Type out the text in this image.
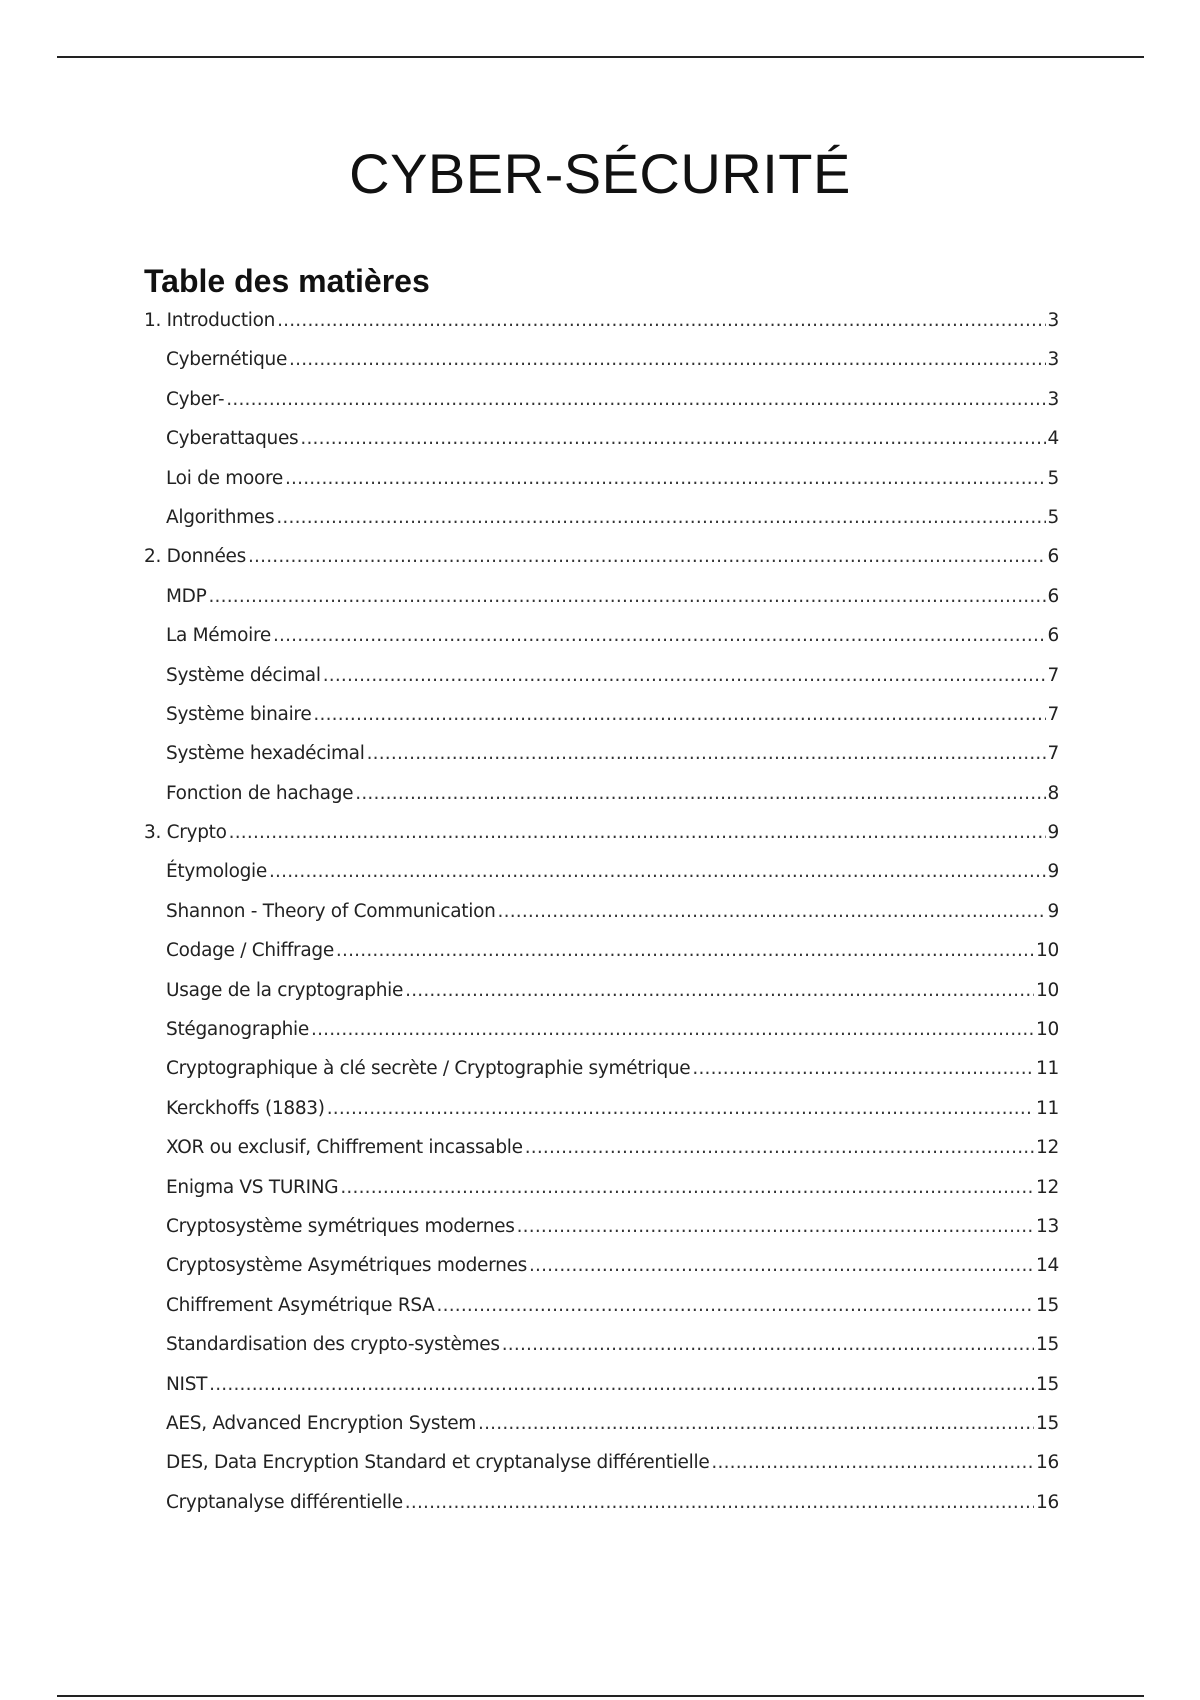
CYBER-SÉCURITÉ
Table des matières
1. Introduction .....	3
Cybernétique .....	3
Cyber- .....	3
Cyberattaques .....	4
Loi de moore .....	5
Algorithmes .....	5
2. Données .....	6
MDP .....	6
La Mémoire .....	6
Système décimal .....	7
Système binaire .....	7
Système hexadécimal .....	7
Fonction de hachage .....	8
3. Crypto .....	9
Étymologie .....	9
Shannon - Theory of Communication .....	9
Codage / Chiffrage .....	10
Usage de la cryptographie .....	10
Stéganographie .....	10
Cryptographique à clé secrète / Cryptographie symétrique .....	11
Kerckhoffs (1883) .....	11
XOR ou exclusif, Chiffrement incassable .....	12
Enigma VS TURING .....	12
Cryptosystème symétriques modernes .....	13
Cryptosystème Asymétriques modernes .....	14
Chiffrement Asymétrique RSA .....	15
Standardisation des crypto-systèmes .....	15
NIST .....	15
AES, Advanced Encryption System .....	15
DES, Data Encryption Standard et cryptanalyse différentielle .....	16
Cryptanalyse différentielle .....	16
